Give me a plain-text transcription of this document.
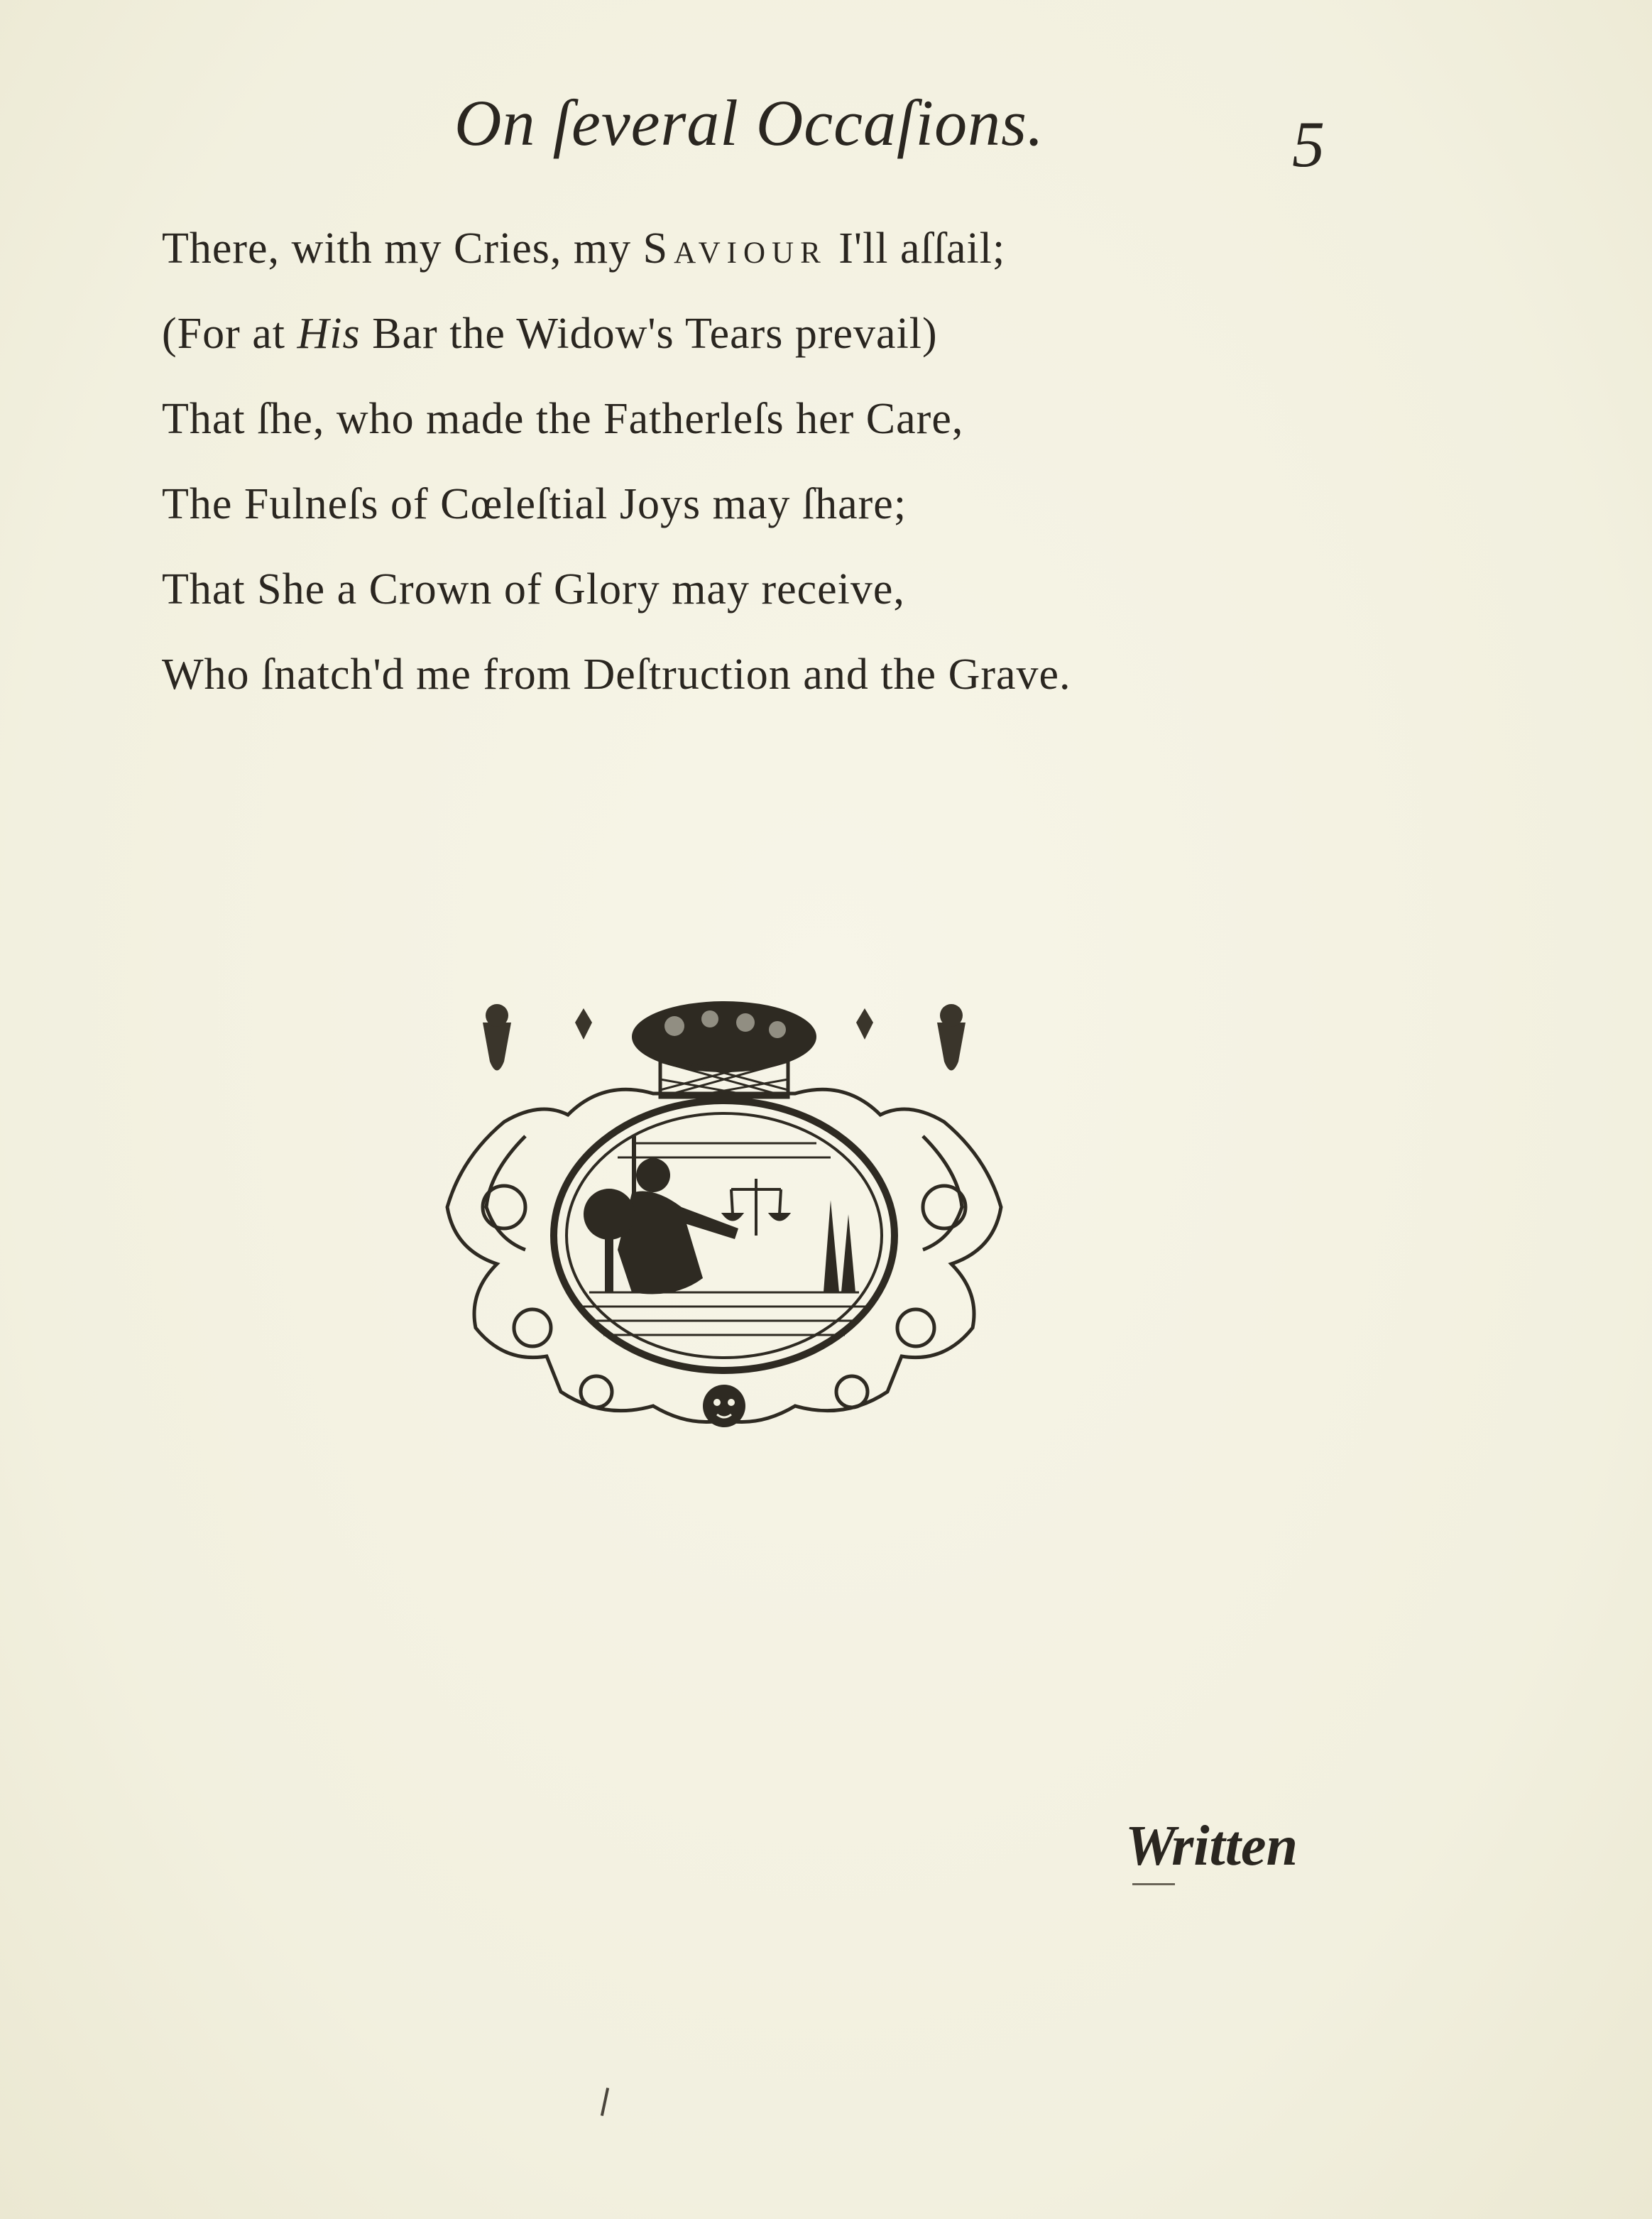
On ſeveral Occaſions.	5
There, with my Cries, my Saviour I'll aſſail;
(For at His Bar the Widow's Tears prevail)
That ſhe, who made the Fatherleſs her Care,
The Fulneſs of Cœleſtial Joys may ſhare;
That She a Crown of Glory may receive,
Who ſnatch'd me from Deſtruction and the Grave.
Written
